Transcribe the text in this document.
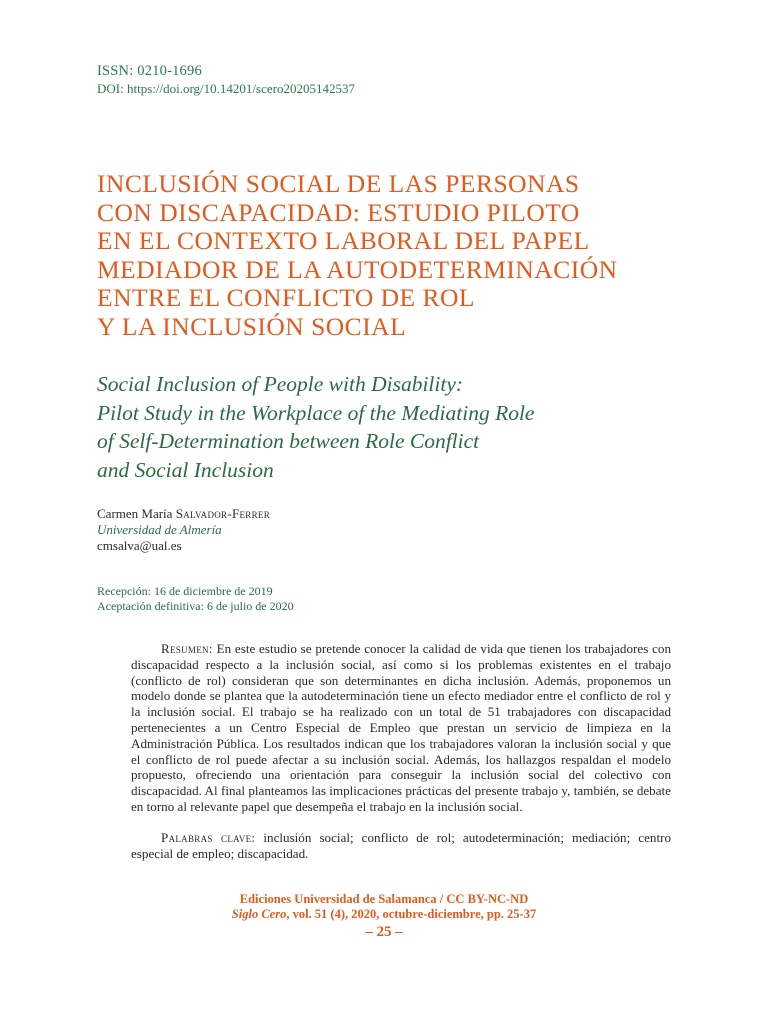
ISSN: 0210-1696
DOI: https://doi.org/10.14201/scero20205142537
INCLUSIÓN SOCIAL DE LAS PERSONAS
CON DISCAPACIDAD: ESTUDIO PILOTO
EN EL CONTEXTO LABORAL DEL PAPEL
MEDIADOR DE LA AUTODETERMINACIÓN
ENTRE EL CONFLICTO DE ROL
Y LA INCLUSIÓN SOCIAL
Social Inclusion of People with Disability:
Pilot Study in the Workplace of the Mediating Role
of Self-Determination between Role Conflict
and Social Inclusion
Carmen María Salvador-Ferrer
Universidad de Almería
cmsalva@ual.es
Recepción: 16 de diciembre de 2019
Aceptación definitiva: 6 de julio de 2020

Resumen: En este estudio se pretende conocer la calidad de vida que tienen los trabajadores con discapacidad respecto a la inclusión social, así como si los problemas existentes en el trabajo (conflicto de rol) consideran que son determinantes en dicha inclusión. Además, proponemos un modelo donde se plantea que la autodeterminación tiene un efecto mediador entre el conflicto de rol y la inclusión social. El trabajo se ha realizado con un total de 51 trabajadores con discapacidad pertenecientes a un Centro Especial de Empleo que prestan un servicio de limpieza en la Administración Pública. Los resultados indican que los trabajadores valoran la inclusión social y que el conflicto de rol puede afectar a su inclusión social. Además, los hallazgos respaldan el modelo propuesto, ofreciendo una orientación para conseguir la inclusión social del colectivo con discapacidad. Al final planteamos las implicaciones prácticas del presente trabajo y, también, se debate en torno al relevante papel que desempeña el trabajo en la inclusión social.

Palabras clave: inclusión social; conflicto de rol; autodeterminación; mediación; centro especial de empleo; discapacidad.

Ediciones Universidad de Salamanca / CC BY-NC-ND
Siglo Cero, vol. 51 (4), 2020, octubre-diciembre, pp. 25-37
– 25 –
